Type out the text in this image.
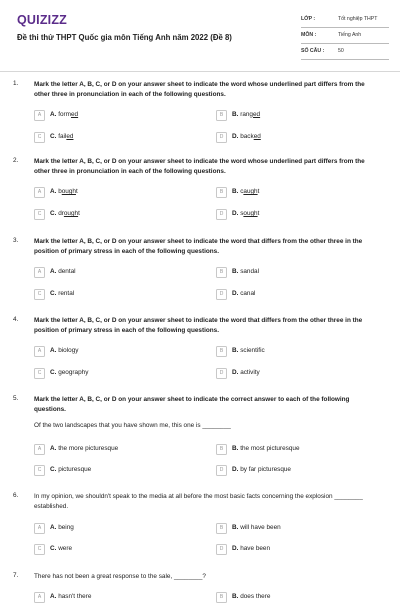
QUIZIZZ
Đề thi thử THPT Quốc gia môn Tiếng Anh năm 2022 (Đề 8)
LỚP :	Tốt nghiệp THPT
MÔN :	Tiếng Anh
SỐ CÂU :	50
1. Mark the letter A, B, C, or D on your answer sheet to indicate the word whose underlined part differs from the other three in pronunciation in each of the following questions.
A	A. formed	B	B. ranged
C	C. failed	D	D. backed
2. Mark the letter A, B, C, or D on your answer sheet to indicate the word whose underlined part differs from the other three in pronunciation in each of the following questions.
A	A. bought	B	B. caught
C	C. drought	D	D. sought
3. Mark the letter A, B, C, or D on your answer sheet to indicate the word that differs from the other three in the position of primary stress in each of the following questions.
A	A. dental	B	B. sandal
C	C. rental	D	D. canal
4. Mark the letter A, B, C, or D on your answer sheet to indicate the word that differs from the other three in the position of primary stress in each of the following questions.
A	A. biology	B	B. scientific
C	C. geography	D	D. activity
5. Mark the letter A, B, C, or D on your answer sheet to indicate the correct answer to each of the following questions.
Of the two landscapes that you have shown me, this one is ________
A	A. the more picturesque	B	B. the most picturesque
C	C. picturesque	D	D. by far picturesque
6. In my opinion, we shouldn't speak to the media at all before the most basic facts concerning the explosion ________ established.
A	A. being	B	B. will have been
C	C. were	D	D. have been
7. There has not been a great response to the sale, ________?
A	A. hasn't there	B	B. does there
